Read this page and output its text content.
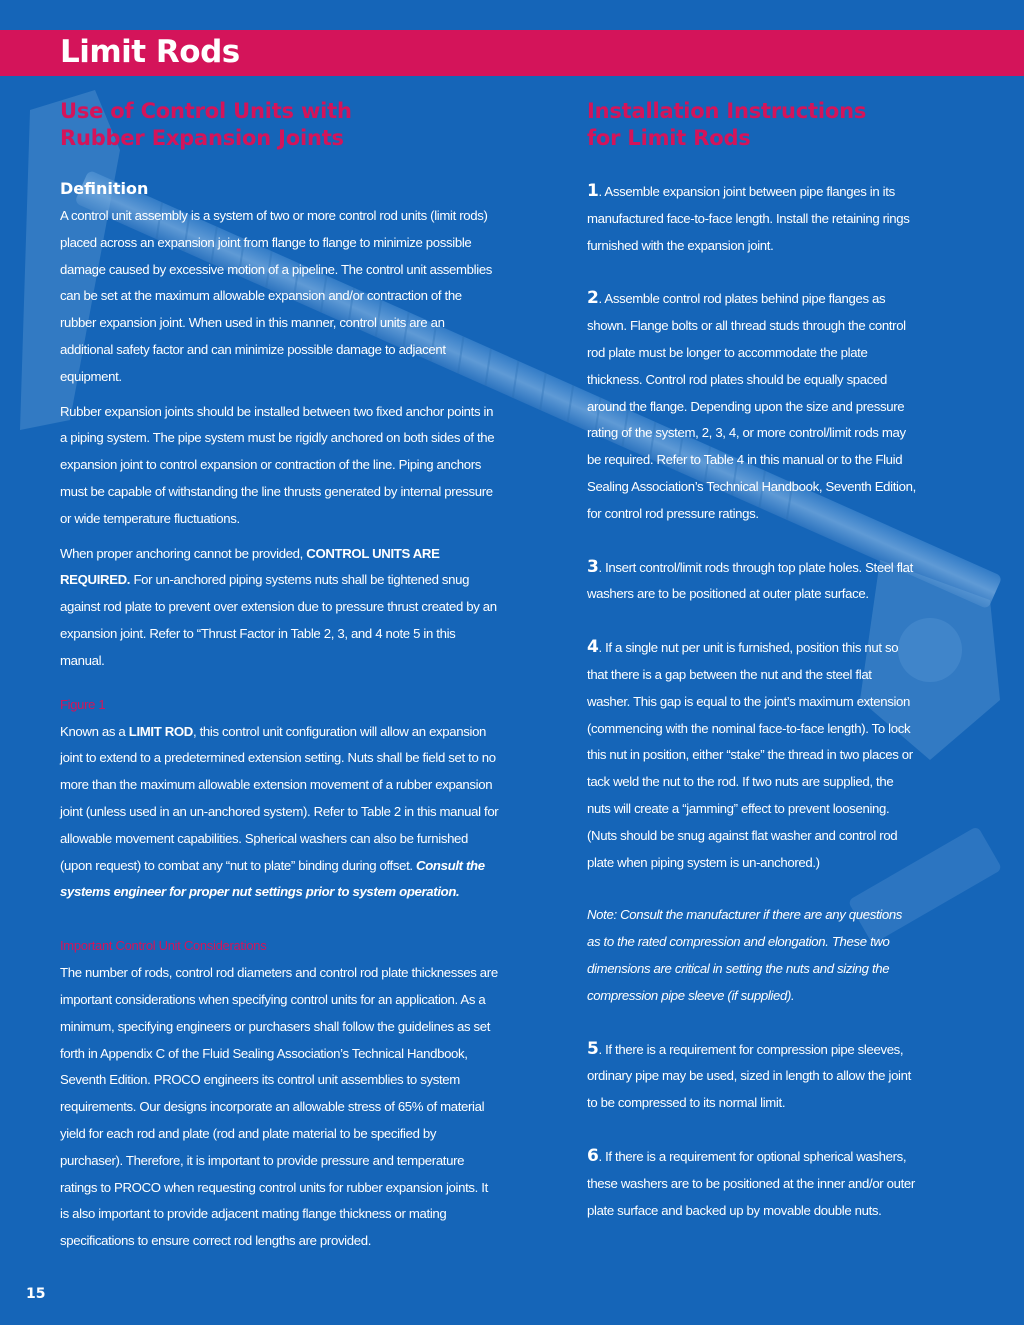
Limit Rods
Use of Control Units with
Rubber Expansion Joints
Definition

A control unit assembly is a system of two or more control rod units (limit rods) placed across an expansion joint from flange to flange to minimize possible damage caused by excessive motion of a pipeline. The control unit assemblies can be set at the maximum allowable expansion and/or contraction of the rubber expansion joint. When used in this manner, control units are an additional safety factor and can minimize possible damage to adjacent equipment.

Rubber expansion joints should be installed between two fixed anchor points in a piping system. The pipe system must be rigidly anchored on both sides of the expansion joint to control expansion or contraction of the line. Piping anchors must be capable of withstanding the line thrusts generated by internal pressure or wide temperature fluctuations.

When proper anchoring cannot be provided, CONTROL UNITS ARE REQUIRED. For un-anchored piping systems nuts shall be tightened snug against rod plate to prevent over extension due to pressure thrust created by an expansion joint. Refer to “Thrust Factor in Table 2, 3, and 4 note 5 in this manual.

Figure 1

Known as a LIMIT ROD, this control unit configuration will allow an expansion joint to extend to a predetermined extension setting. Nuts shall be field set to no more than the maximum allowable extension movement of a rubber expansion joint (unless used in an un-anchored system). Refer to Table 2 in this manual for allowable movement capabilities. Spherical washers can also be furnished (upon request) to combat any “nut to plate” binding during offset. Consult the systems engineer for proper nut settings prior to system operation.

Important Control Unit Considerations

The number of rods, control rod diameters and control rod plate thicknesses are important considerations when specifying control units for an application. As a minimum, specifying engineers or purchasers shall follow the guidelines as set forth in Appendix C of the Fluid Sealing Association’s Technical Handbook, Seventh Edition. PROCO engineers its control unit assemblies to system requirements. Our designs incorporate an allowable stress of 65% of material yield for each rod and plate (rod and plate material to be specified by purchaser). Therefore, it is important to provide pressure and temperature ratings to PROCO when requesting control units for rubber expansion joints. It is also important to provide adjacent mating flange thickness or mating specifications to ensure correct rod lengths are provided.

Installation Instructions
for Limit Rods

1. Assemble expansion joint between pipe flanges in its manufactured face-to-face length. Install the retaining rings furnished with the expansion joint.

2. Assemble control rod plates behind pipe flanges as shown. Flange bolts or all thread studs through the control rod plate must be longer to accommodate the plate thickness. Control rod plates should be equally spaced around the flange. Depending upon the size and pressure rating of the system, 2, 3, 4, or more control/limit rods may be required. Refer to Table 4 in this manual or to the Fluid Sealing Association’s Technical Handbook, Seventh Edition, for control rod pressure ratings.

3. Insert control/limit rods through top plate holes. Steel flat washers are to be positioned at outer plate surface.

4. If a single nut per unit is furnished, position this nut so that there is a gap between the nut and the steel flat washer. This gap is equal to the joint’s maximum extension (commencing with the nominal face-to-face length). To lock this nut in position, either “stake” the thread in two places or tack weld the nut to the rod. If two nuts are supplied, the nuts will create a “jamming” effect to prevent loosening. (Nuts should be snug against flat washer and control rod plate when piping system is un-anchored.)

Note: Consult the manufacturer if there are any questions as to the rated compression and elongation. These two dimensions are critical in setting the nuts and sizing the compression pipe sleeve (if supplied).

5. If there is a requirement for compression pipe sleeves, ordinary pipe may be used, sized in length to allow the joint to be compressed to its normal limit.

6. If there is a requirement for optional spherical washers, these washers are to be positioned at the inner and/or outer plate surface and backed up by movable double nuts.

15
